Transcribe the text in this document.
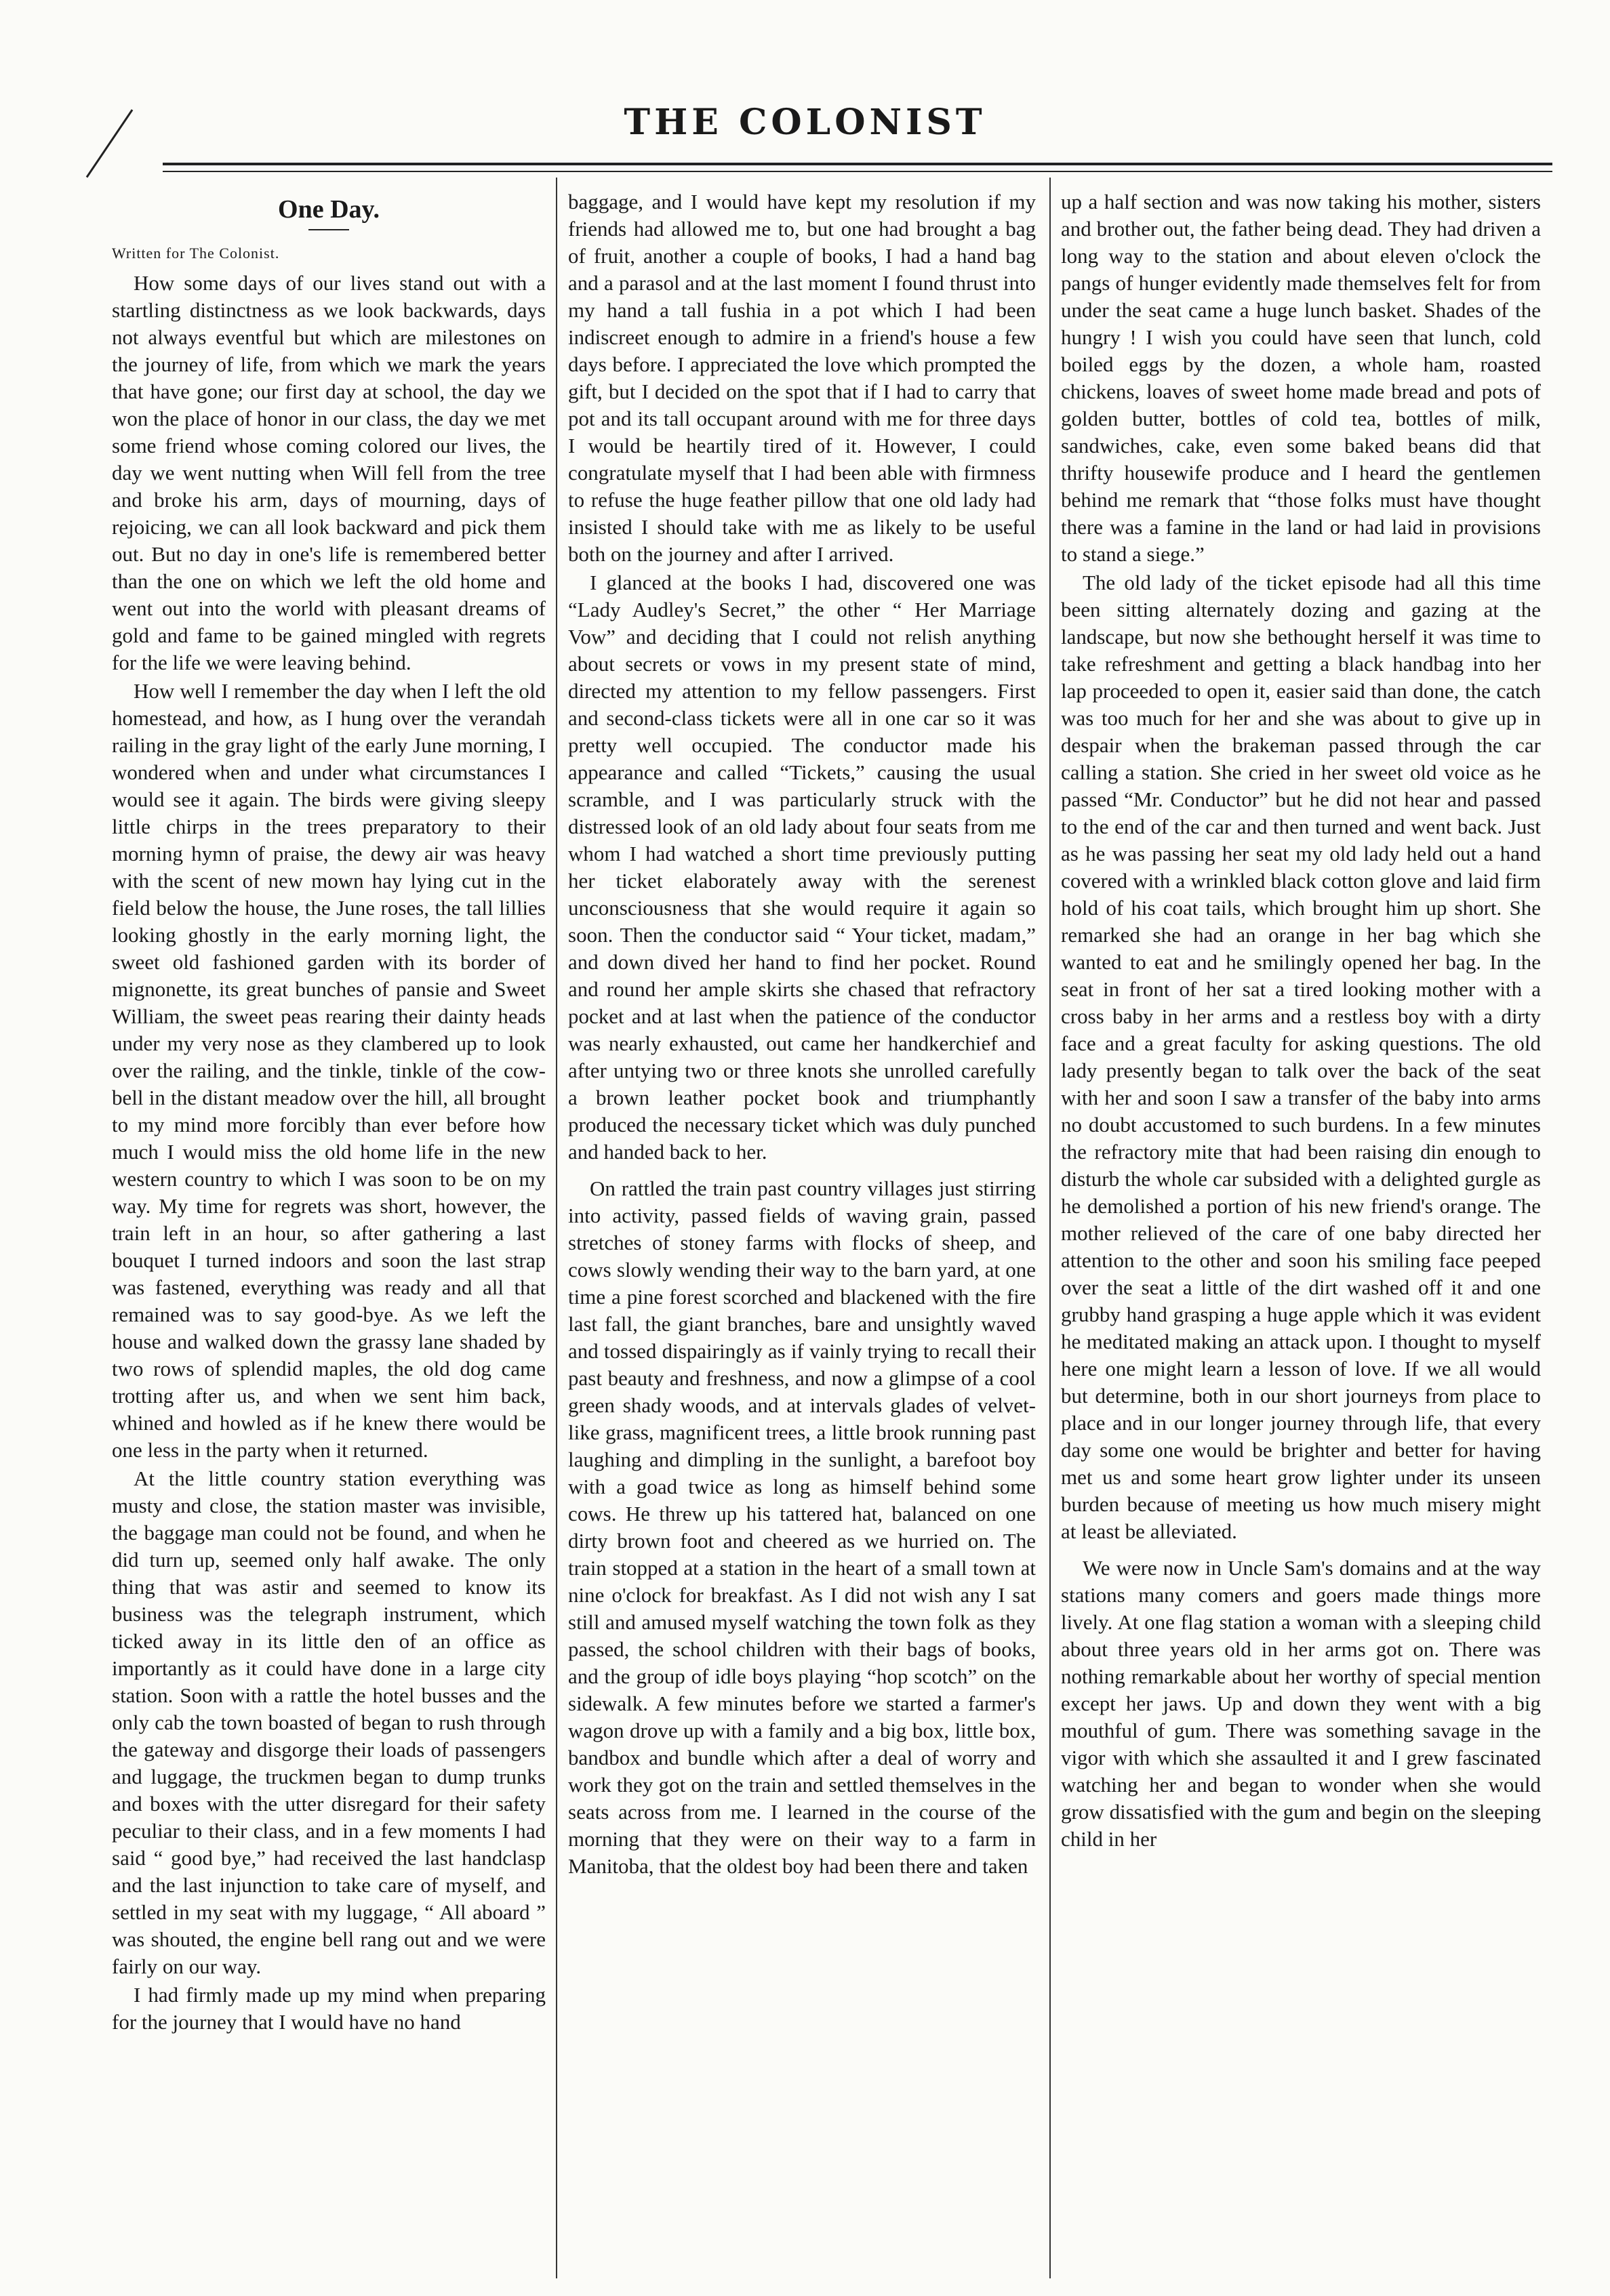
THE COLONIST
One Day.

Written for The Colonist.

How some days of our lives stand out with a startling distinctness as we look backwards, days not always eventful but which are milestones on the journey of life, from which we mark the years that have gone; our first day at school, the day we won the place of honor in our class, the day we met some friend whose coming colored our lives, the day we went nutting when Will fell from the tree and broke his arm, days of mourning, days of rejoicing, we can all look backward and pick them out. But no day in one's life is remembered better than the one on which we left the old home and went out into the world with pleasant dreams of gold and fame to be gained mingled with regrets for the life we were leaving behind.

How well I remember the day when I left the old homestead, and how, as I hung over the verandah railing in the gray light of the early June morning, I wondered when and under what circumstances I would see it again. The birds were giving sleepy little chirps in the trees preparatory to their morning hymn of praise, the dewy air was heavy with the scent of new mown hay lying cut in the field below the house, the June roses, the tall lillies looking ghostly in the early morning light, the sweet old fashioned garden with its border of mignonette, its great bunches of pansie and Sweet William, the sweet peas rearing their dainty heads under my very nose as they clambered up to look over the railing, and the tinkle, tinkle of the cow-bell in the distant meadow over the hill, all brought to my mind more forcibly than ever before how much I would miss the old home life in the new western country to which I was soon to be on my way. My time for regrets was short, however, the train left in an hour, so after gathering a last bouquet I turned indoors and soon the last strap was fastened, everything was ready and all that remained was to say good-bye. As we left the house and walked down the grassy lane shaded by two rows of splendid maples, the old dog came trotting after us, and when we sent him back, whined and howled as if he knew there would be one less in the party when it returned.

At the little country station everything was musty and close, the station master was invisible, the baggage man could not be found, and when he did turn up, seemed only half awake. The only thing that was astir and seemed to know its business was the telegraph instrument, which ticked away in its little den of an office as importantly as it could have done in a large city station. Soon with a rattle the hotel busses and the only cab the town boasted of began to rush through the gateway and disgorge their loads of passengers and luggage, the truckmen began to dump trunks and boxes with the utter disregard for their safety peculiar to their class, and in a few moments I had said “ good bye,” had received the last handclasp and the last injunction to take care of myself, and settled in my seat with my luggage, “ All aboard ” was shouted, the engine bell rang out and we were fairly on our way.

I had firmly made up my mind when preparing for the journey that I would have no hand

baggage, and I would have kept my resolution if my friends had allowed me to, but one had brought a bag of fruit, another a couple of books, I had a hand bag and a parasol and at the last moment I found thrust into my hand a tall fushia in a pot which I had been indiscreet enough to admire in a friend's house a few days before. I appreciated the love which prompted the gift, but I decided on the spot that if I had to carry that pot and its tall occupant around with me for three days I would be heartily tired of it. However, I could congratulate myself that I had been able with firmness to refuse the huge feather pillow that one old lady had insisted I should take with me as likely to be useful both on the journey and after I arrived.

I glanced at the books I had, discovered one was “Lady Audley's Secret,” the other “ Her Marriage Vow” and deciding that I could not relish anything about secrets or vows in my present state of mind, directed my attention to my fellow passengers. First and second-class tickets were all in one car so it was pretty well occupied. The conductor made his appearance and called “Tickets,” causing the usual scramble, and I was particularly struck with the distressed look of an old lady about four seats from me whom I had watched a short time previously putting her ticket elaborately away with the serenest unconsciousness that she would require it again so soon. Then the conductor said “ Your ticket, madam,” and down dived her hand to find her pocket. Round and round her ample skirts she chased that refractory pocket and at last when the patience of the conductor was nearly exhausted, out came her handkerchief and after untying two or three knots she unrolled carefully a brown leather pocket book and triumphantly produced the necessary ticket which was duly punched and handed back to her.

On rattled the train past country villages just stirring into activity, passed fields of waving grain, passed stretches of stoney farms with flocks of sheep, and cows slowly wending their way to the barn yard, at one time a pine forest scorched and blackened with the fire last fall, the giant branches, bare and unsightly waved and tossed dispairingly as if vainly trying to recall their past beauty and freshness, and now a glimpse of a cool green shady woods, and at intervals glades of velvet-like grass, magnificent trees, a little brook running past laughing and dimpling in the sunlight, a barefoot boy with a goad twice as long as himself behind some cows. He threw up his tattered hat, balanced on one dirty brown foot and cheered as we hurried on. The train stopped at a station in the heart of a small town at nine o'clock for breakfast. As I did not wish any I sat still and amused myself watching the town folk as they passed, the school children with their bags of books, and the group of idle boys playing “hop scotch” on the sidewalk. A few minutes before we started a farmer's wagon drove up with a family and a big box, little box, bandbox and bundle which after a deal of worry and work they got on the train and settled themselves in the seats across from me. I learned in the course of the morning that they were on their way to a farm in Manitoba, that the oldest boy had been there and taken

up a half section and was now taking his mother, sisters and brother out, the father being dead. They had driven a long way to the station and about eleven o'clock the pangs of hunger evidently made themselves felt for from under the seat came a huge lunch basket. Shades of the hungry ! I wish you could have seen that lunch, cold boiled eggs by the dozen, a whole ham, roasted chickens, loaves of sweet home made bread and pots of golden butter, bottles of cold tea, bottles of milk, sandwiches, cake, even some baked beans did that thrifty housewife produce and I heard the gentlemen behind me remark that “those folks must have thought there was a famine in the land or had laid in provisions to stand a siege.”

The old lady of the ticket episode had all this time been sitting alternately dozing and gazing at the landscape, but now she bethought herself it was time to take refreshment and getting a black handbag into her lap proceeded to open it, easier said than done, the catch was too much for her and she was about to give up in despair when the brakeman passed through the car calling a station. She cried in her sweet old voice as he passed “Mr. Conductor” but he did not hear and passed to the end of the car and then turned and went back. Just as he was passing her seat my old lady held out a hand covered with a wrinkled black cotton glove and laid firm hold of his coat tails, which brought him up short. She remarked she had an orange in her bag which she wanted to eat and he smilingly opened her bag. In the seat in front of her sat a tired looking mother with a cross baby in her arms and a restless boy with a dirty face and a great faculty for asking questions. The old lady presently began to talk over the back of the seat with her and soon I saw a transfer of the baby into arms no doubt accustomed to such burdens. In a few minutes the refractory mite that had been raising din enough to disturb the whole car subsided with a delighted gurgle as he demolished a portion of his new friend's orange. The mother relieved of the care of one baby directed her attention to the other and soon his smiling face peeped over the seat a little of the dirt washed off it and one grubby hand grasping a huge apple which it was evident he meditated making an attack upon. I thought to myself here one might learn a lesson of love. If we all would but determine, both in our short journeys from place to place and in our longer journey through life, that every day some one would be brighter and better for having met us and some heart grow lighter under its unseen burden because of meeting us how much misery might at least be alleviated.

We were now in Uncle Sam's domains and at the way stations many comers and goers made things more lively. At one flag station a woman with a sleeping child about three years old in her arms got on. There was nothing remarkable about her worthy of special mention except her jaws. Up and down they went with a big mouthful of gum. There was something savage in the vigor with which she assaulted it and I grew fascinated watching her and began to wonder when she would grow dissatisfied with the gum and begin on the sleeping child in her
